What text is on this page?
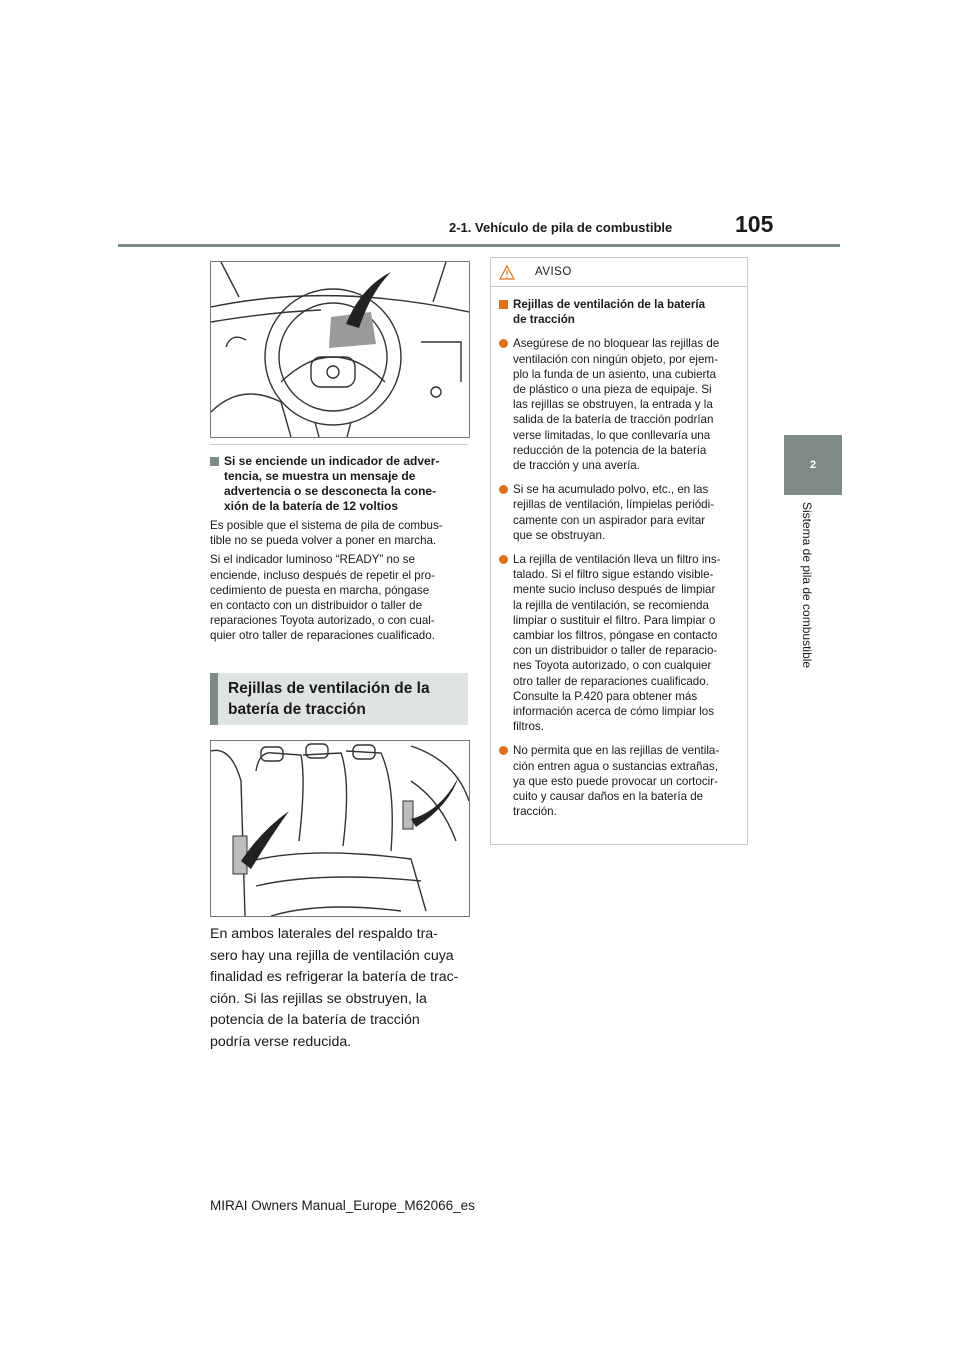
2-1. Vehículo de pila de combustible	105
2
Sistema de pila de combustible
Si se enciende un indicador de adver-
tencia, se muestra un mensaje de
advertencia o se desconecta la cone-
xión de la batería de 12 voltios
Es posible que el sistema de pila de combus-
tible no se pueda volver a poner en marcha.
Si el indicador luminoso “READY” no se
enciende, incluso después de repetir el pro-
cedimiento de puesta en marcha, póngase
en contacto con un distribuidor o taller de
reparaciones Toyota autorizado, o con cual-
quier otro taller de reparaciones cualificado.
Rejillas de ventilación de la
batería de tracción
En ambos laterales del respaldo tra-
sero hay una rejilla de ventilación cuya
finalidad es refrigerar la batería de trac-
ción. Si las rejillas se obstruyen, la
potencia de la batería de tracción
podría verse reducida.
AVISO
Rejillas de ventilación de la batería
de tracción
Asegúrese de no bloquear las rejillas de
ventilación con ningún objeto, por ejem-
plo la funda de un asiento, una cubierta
de plástico o una pieza de equipaje. Si
las rejillas se obstruyen, la entrada y la
salida de la batería de tracción podrían
verse limitadas, lo que conllevaría una
reducción de la potencia de la batería
de tracción y una avería.
Si se ha acumulado polvo, etc., en las
rejillas de ventilación, límpielas periódi-
camente con un aspirador para evitar
que se obstruyan.
La rejilla de ventilación lleva un filtro ins-
talado. Si el filtro sigue estando visible-
mente sucio incluso después de limpiar
la rejilla de ventilación, se recomienda
limpiar o sustituir el filtro. Para limpiar o
cambiar los filtros, póngase en contacto
con un distribuidor o taller de reparacio-
nes Toyota autorizado, o con cualquier
otro taller de reparaciones cualificado.
Consulte la P.420 para obtener más
información acerca de cómo limpiar los
filtros.
No permita que en las rejillas de ventila-
ción entren agua o sustancias extrañas,
ya que esto puede provocar un cortocir-
cuito y causar daños en la batería de
tracción.
MIRAI Owners Manual_Europe_M62066_es
